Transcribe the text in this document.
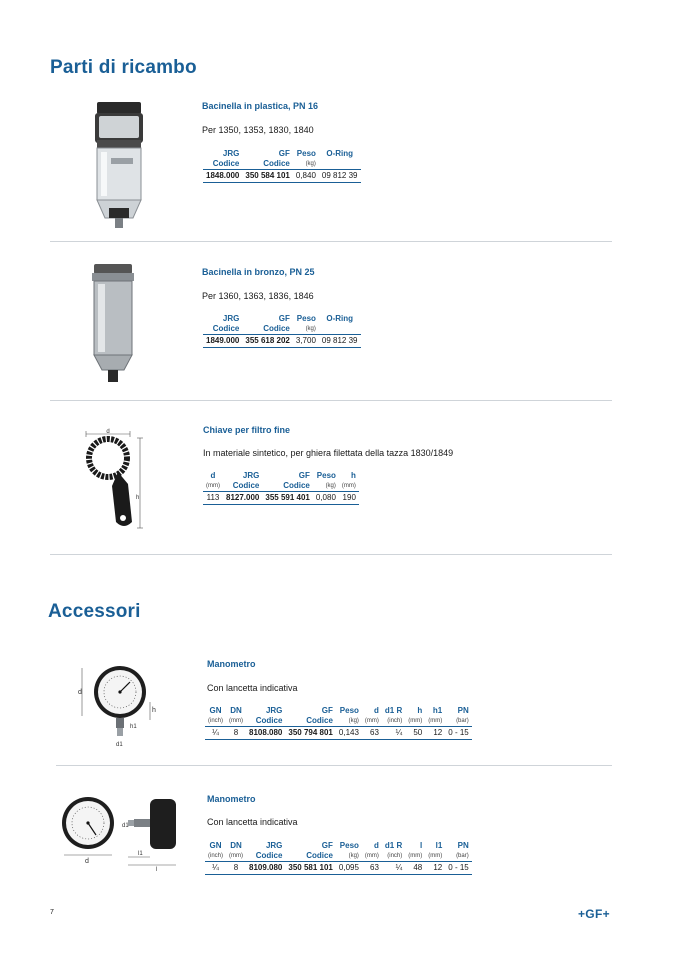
Parti di ricambo
Bacinella in plastica, PN 16
Per 1350, 1353, 1830, 1840
JRG	GF	Peso	O-Ring
Codice	Codice	(kg)	
1848.000	350 584 101	0,840	09 812 39
Bacinella in bronzo, PN 25
Per 1360, 1363, 1836, 1846
JRG	GF	Peso	O-Ring
Codice	Codice	(kg)	
1849.000	355 618 202	3,700	09 812 39
d
h
Chiave per filtro fine
In materiale sintetico, per ghiera filettata della tazza 1830/1849
d	JRG	GF	Peso	h
(mm)	Codice	Codice	(kg)	(mm)
113	8127.000	355 591 401	0,080	190
Accessori
d
h
h1
d1
Manometro
Con lancetta indicativa
GN	DN	JRG	GF	Peso	d	d1 R	h	h1	PN
(inch)	(mm)	Codice	Codice	(kg)	(mm)	(inch)	(mm)	(mm)	(bar)
¼	8	8108.080	350 794 801	0,143	63	¼	50	12	0 - 15
d
d1
l1
l
Manometro
Con lancetta indicativa
GN	DN	JRG	GF	Peso	d	d1 R	l	l1	PN
(inch)	(mm)	Codice	Codice	(kg)	(mm)	(inch)	(mm)	(mm)	(bar)
¼	8	8109.080	350 581 101	0,095	63	¼	48	12	0 - 15
7	+GF+
